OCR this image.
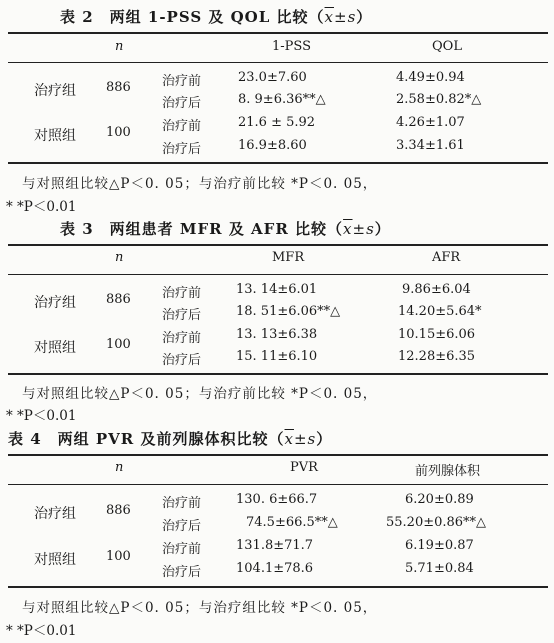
表 2　两组 1-PSS 及 QOL 比较$(\overline{x}\pm s)$
n	1-PSS	QOL
治疗组 886 治疗前	23.0±7.60	4.49±0.94
治疗后	8. 9±6.36**△	2.58±0.82*△
对照组 100 治疗前	21.6 ± 5.92	4.26±1.07
治疗后	16.9±8.60	3.34±1.61
与对照组比较△P＜0. 05；与治疗前比较 *P＜0. 05，
* *P＜0.01
表 3　两组患者 MFR 及 AFR 比较$(\overline{x}\pm s)$
n	MFR	AFR
治疗组 886 治疗前	13. 14±6.01	9.86±6.04
治疗后	18. 51±6.06**△	14.20±5.64*
对照组 100 治疗前	13. 13±6.38	10.15±6.06
治疗后	15. 11±6.10	12.28±6.35
与对照组比较△P＜0. 05；与治疗前比较 *P＜0. 05，
* *P＜0.01
表 4　两组 PVR 及前列腺体积比较$(\overline{x}\pm s)$
n	PVR	前列腺体积
治疗组 886 治疗前	130. 6±66.7	6.20±0.89
治疗后	74.5±66.5**△	55.20±0.86**△
对照组 100 治疗前	131.8±71.7	6.19±0.87
治疗后	104.1±78.6	5.71±0.84
与对照组比较△P＜0. 05；与治疗组比较 *P＜0. 05，
* *P＜0.01
